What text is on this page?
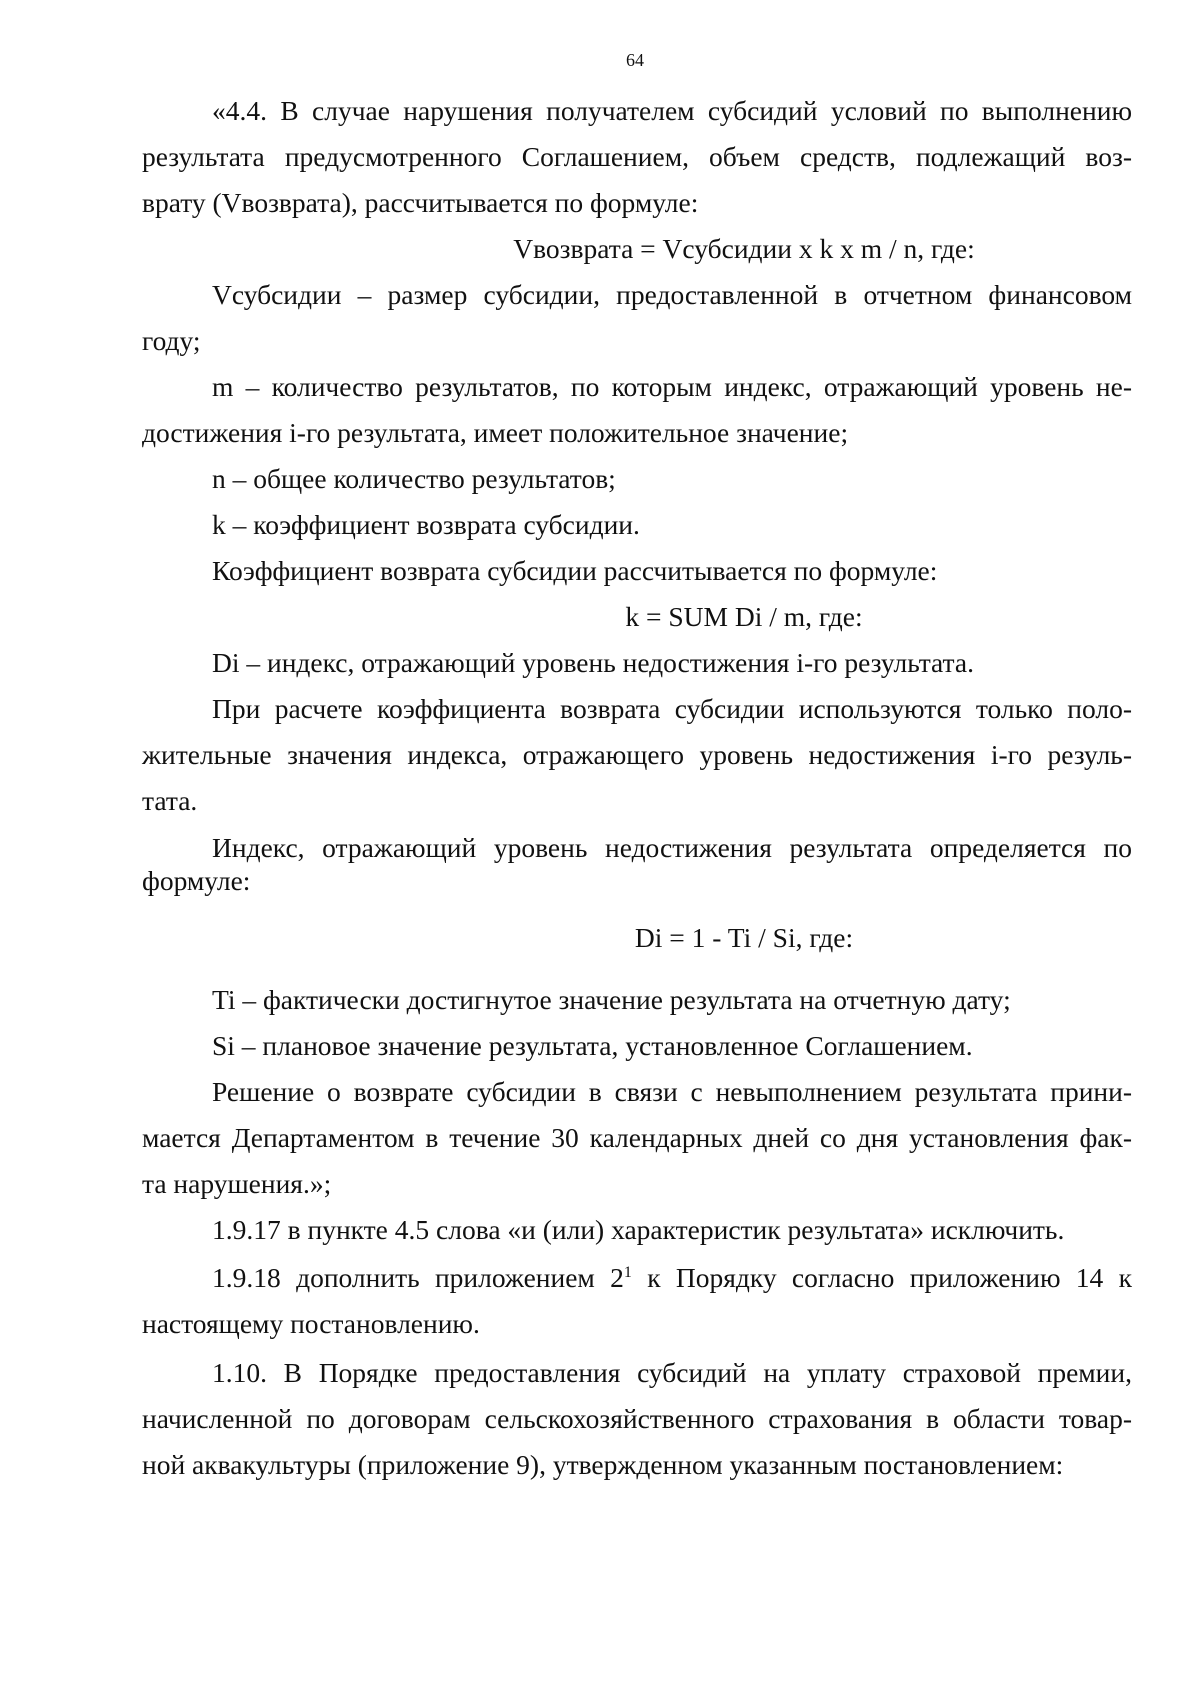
64
«4.4. В случае нарушения получателем субсидий условий по выполнению
результата предусмотренного Соглашением, объем средств, подлежащий воз-
врату (Vвозврата), рассчитывается по формуле:
Vвозврата = Vсубсидии x k x m / n, где:
Vсубсидии – размер субсидии, предоставленной в отчетном финансовом
году;
m – количество результатов, по которым индекс, отражающий уровень не-
достижения i-го результата, имеет положительное значение;
n – общее количество результатов;
k – коэффициент возврата субсидии.
Коэффициент возврата субсидии рассчитывается по формуле:
k = SUM Di / m, где:
Di – индекс, отражающий уровень недостижения i-го результата.
При расчете коэффициента возврата субсидии используются только поло-
жительные значения индекса, отражающего уровень недостижения i-го резуль-
тата.
Индекс, отражающий уровень недостижения результата определяется по
формуле:
Di = 1 - Ti / Si, где:
Ti – фактически достигнутое значение результата на отчетную дату;
Si – плановое значение результата, установленное Соглашением.
Решение о возврате субсидии в связи с невыполнением результата прини-
мается Департаментом в течение 30 календарных дней со дня установления фак-
та нарушения.»;
1.9.17 в пункте 4.5 слова «и (или) характеристик результата» исключить.
1.9.18 дополнить приложением $2^1$ к Порядку согласно приложению 14 к
настоящему постановлению.
1.10. В Порядке предоставления субсидий на уплату страховой премии,
начисленной по договорам сельскохозяйственного страхования в области товар-
ной аквакультуры (приложение 9), утвержденном указанным постановлением:
